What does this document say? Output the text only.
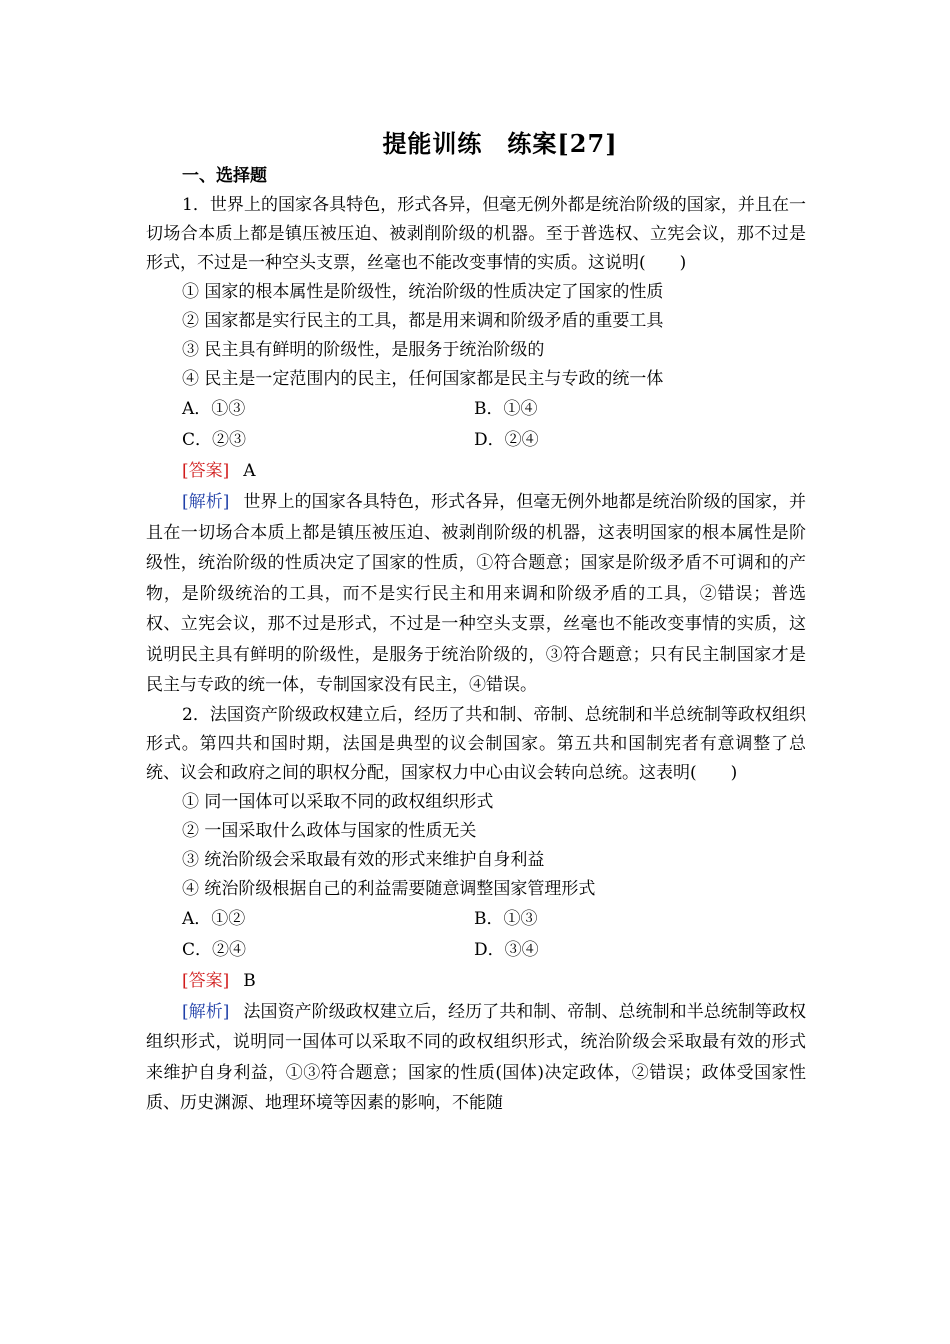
提能训练　练案[27]
一、选择题

1．世界上的国家各具特色，形式各异，但毫无例外都是统治阶级的国家，并且在一切场合本质上都是镇压被压迫、被剥削阶级的机器。至于普选权、立宪会议，那不过是形式，不过是一种空头支票，丝毫也不能改变事情的实质。这说明(　　)

① 国家的根本属性是阶级性，统治阶级的性质决定了国家的性质

② 国家都是实行民主的工具，都是用来调和阶级矛盾的重要工具

③ 民主具有鲜明的阶级性，是服务于统治阶级的

④ 民主是一定范围内的民主，任何国家都是民主与专政的统一体

A．①③	B．①④
C．②③	D．②④

[答案] A

[解析] 世界上的国家各具特色，形式各异，但毫无例外地都是统治阶级的国家，并且在一切场合本质上都是镇压被压迫、被剥削阶级的机器，这表明国家的根本属性是阶级性，统治阶级的性质决定了国家的性质，①符合题意；国家是阶级矛盾不可调和的产物，是阶级统治的工具，而不是实行民主和用来调和阶级矛盾的工具，②错误；普选权、立宪会议，那不过是形式，不过是一种空头支票，丝毫也不能改变事情的实质，这说明民主具有鲜明的阶级性，是服务于统治阶级的，③符合题意；只有民主制国家才是民主与专政的统一体，专制国家没有民主，④错误。

2．法国资产阶级政权建立后，经历了共和制、帝制、总统制和半总统制等政权组织形式。第四共和国时期，法国是典型的议会制国家。第五共和国制宪者有意调整了总统、议会和政府之间的职权分配，国家权力中心由议会转向总统。这表明(　　)

① 同一国体可以采取不同的政权组织形式

② 一国采取什么政体与国家的性质无关

③ 统治阶级会采取最有效的形式来维护自身利益

④ 统治阶级根据自己的利益需要随意调整国家管理形式

A．①②	B．①③
C．②④	D．③④

[答案] B

[解析] 法国资产阶级政权建立后，经历了共和制、帝制、总统制和半总统制等政权组织形式，说明同一国体可以采取不同的政权组织形式，统治阶级会采取最有效的形式来维护自身利益，①③符合题意；国家的性质(国体)决定政体，②错误；政体受国家性质、历史渊源、地理环境等因素的影响，不能随
